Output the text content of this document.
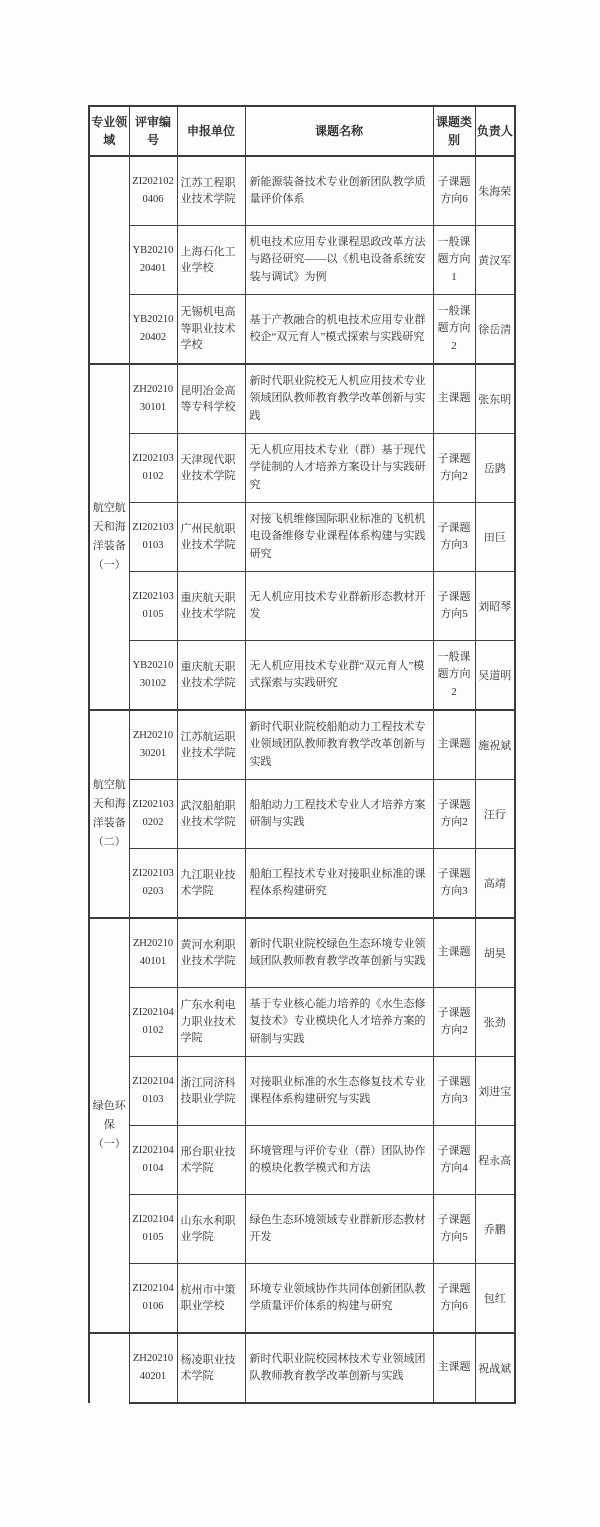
专业领域	评审编号	申报单位	课题名称	课题类别	负责人
	ZI2021020406	江苏工程职业技术学院	新能源装备技术专业创新团队教学质量评价体系	子课题方向6	朱海荣
	YB2021020401	上海石化工业学校	机电技术应用专业课程思政改革方法与路径研究——以《机电设备系统安装与调试》为例	一般课题方向1	黄汉军
	YB2021020402	无锡机电高等职业技术学校	基于产教融合的机电技术应用专业群校企“双元育人”模式探索与实践研究	一般课题方向2	徐岳清
航空航天和海洋装备（一）	ZH2021030101	昆明冶金高等专科学校	新时代职业院校无人机应用技术专业领域团队教师教育教学改革创新与实践	主课题	张东明
	ZI2021030102	天津现代职业技术学院	无人机应用技术专业（群）基于现代学徒制的人才培养方案设计与实践研究	子课题方向2	岳鹍
	ZI2021030103	广州民航职业技术学院	对接飞机维修国际职业标准的飞机机电设备维修专业课程体系构建与实践研究	子课题方向3	田巨
	ZI2021030105	重庆航天职业技术学院	无人机应用技术专业群新形态教材开发	子课题方向5	刘昭琴
	YB2021030102	重庆航天职业技术学院	无人机应用技术专业群“双元育人”模式探索与实践研究	一般课题方向2	吴道明
航空航天和海洋装备（二）	ZH2021030201	江苏航运职业技术学院	新时代职业院校船舶动力工程技术专业领域团队教师教育教学改革创新与实践	主课题	施祝斌
	ZI2021030202	武汉船舶职业技术学院	船舶动力工程技术专业人才培养方案研制与实践	子课题方向2	汪行
	ZI2021030203	九江职业技术学院	船舶工程技术专业对接职业标准的课程体系构建研究	子课题方向3	高靖
绿色环保（一）	ZH2021040101	黄河水利职业技术学院	新时代职业院校绿色生态环境专业领域团队教师教育教学改革创新与实践	主课题	胡昊
	ZI2021040102	广东水利电力职业技术学院	基于专业核心能力培养的《水生态修复技术》专业模块化人才培养方案的研制与实践	子课题方向2	张劲
	ZI2021040103	浙江同济科技职业学院	对接职业标准的水生态修复技术专业课程体系构建研究与实践	子课题方向3	刘进宝
	ZI2021040104	邢台职业技术学院	环境管理与评价专业（群）团队协作的模块化教学模式和方法	子课题方向4	程永高
	ZI2021040105	山东水利职业学院	绿色生态环境领域专业群新形态教材开发	子课题方向5	乔鹏
	ZI2021040106	杭州市中策职业学校	环境专业领域协作共同体创新团队教学质量评价体系的构建与研究	子课题方向6	包红
	ZH2021040201	杨凌职业技术学院	新时代职业院校园林技术专业领域团队教师教育教学改革创新与实践	主课题	祝战斌
